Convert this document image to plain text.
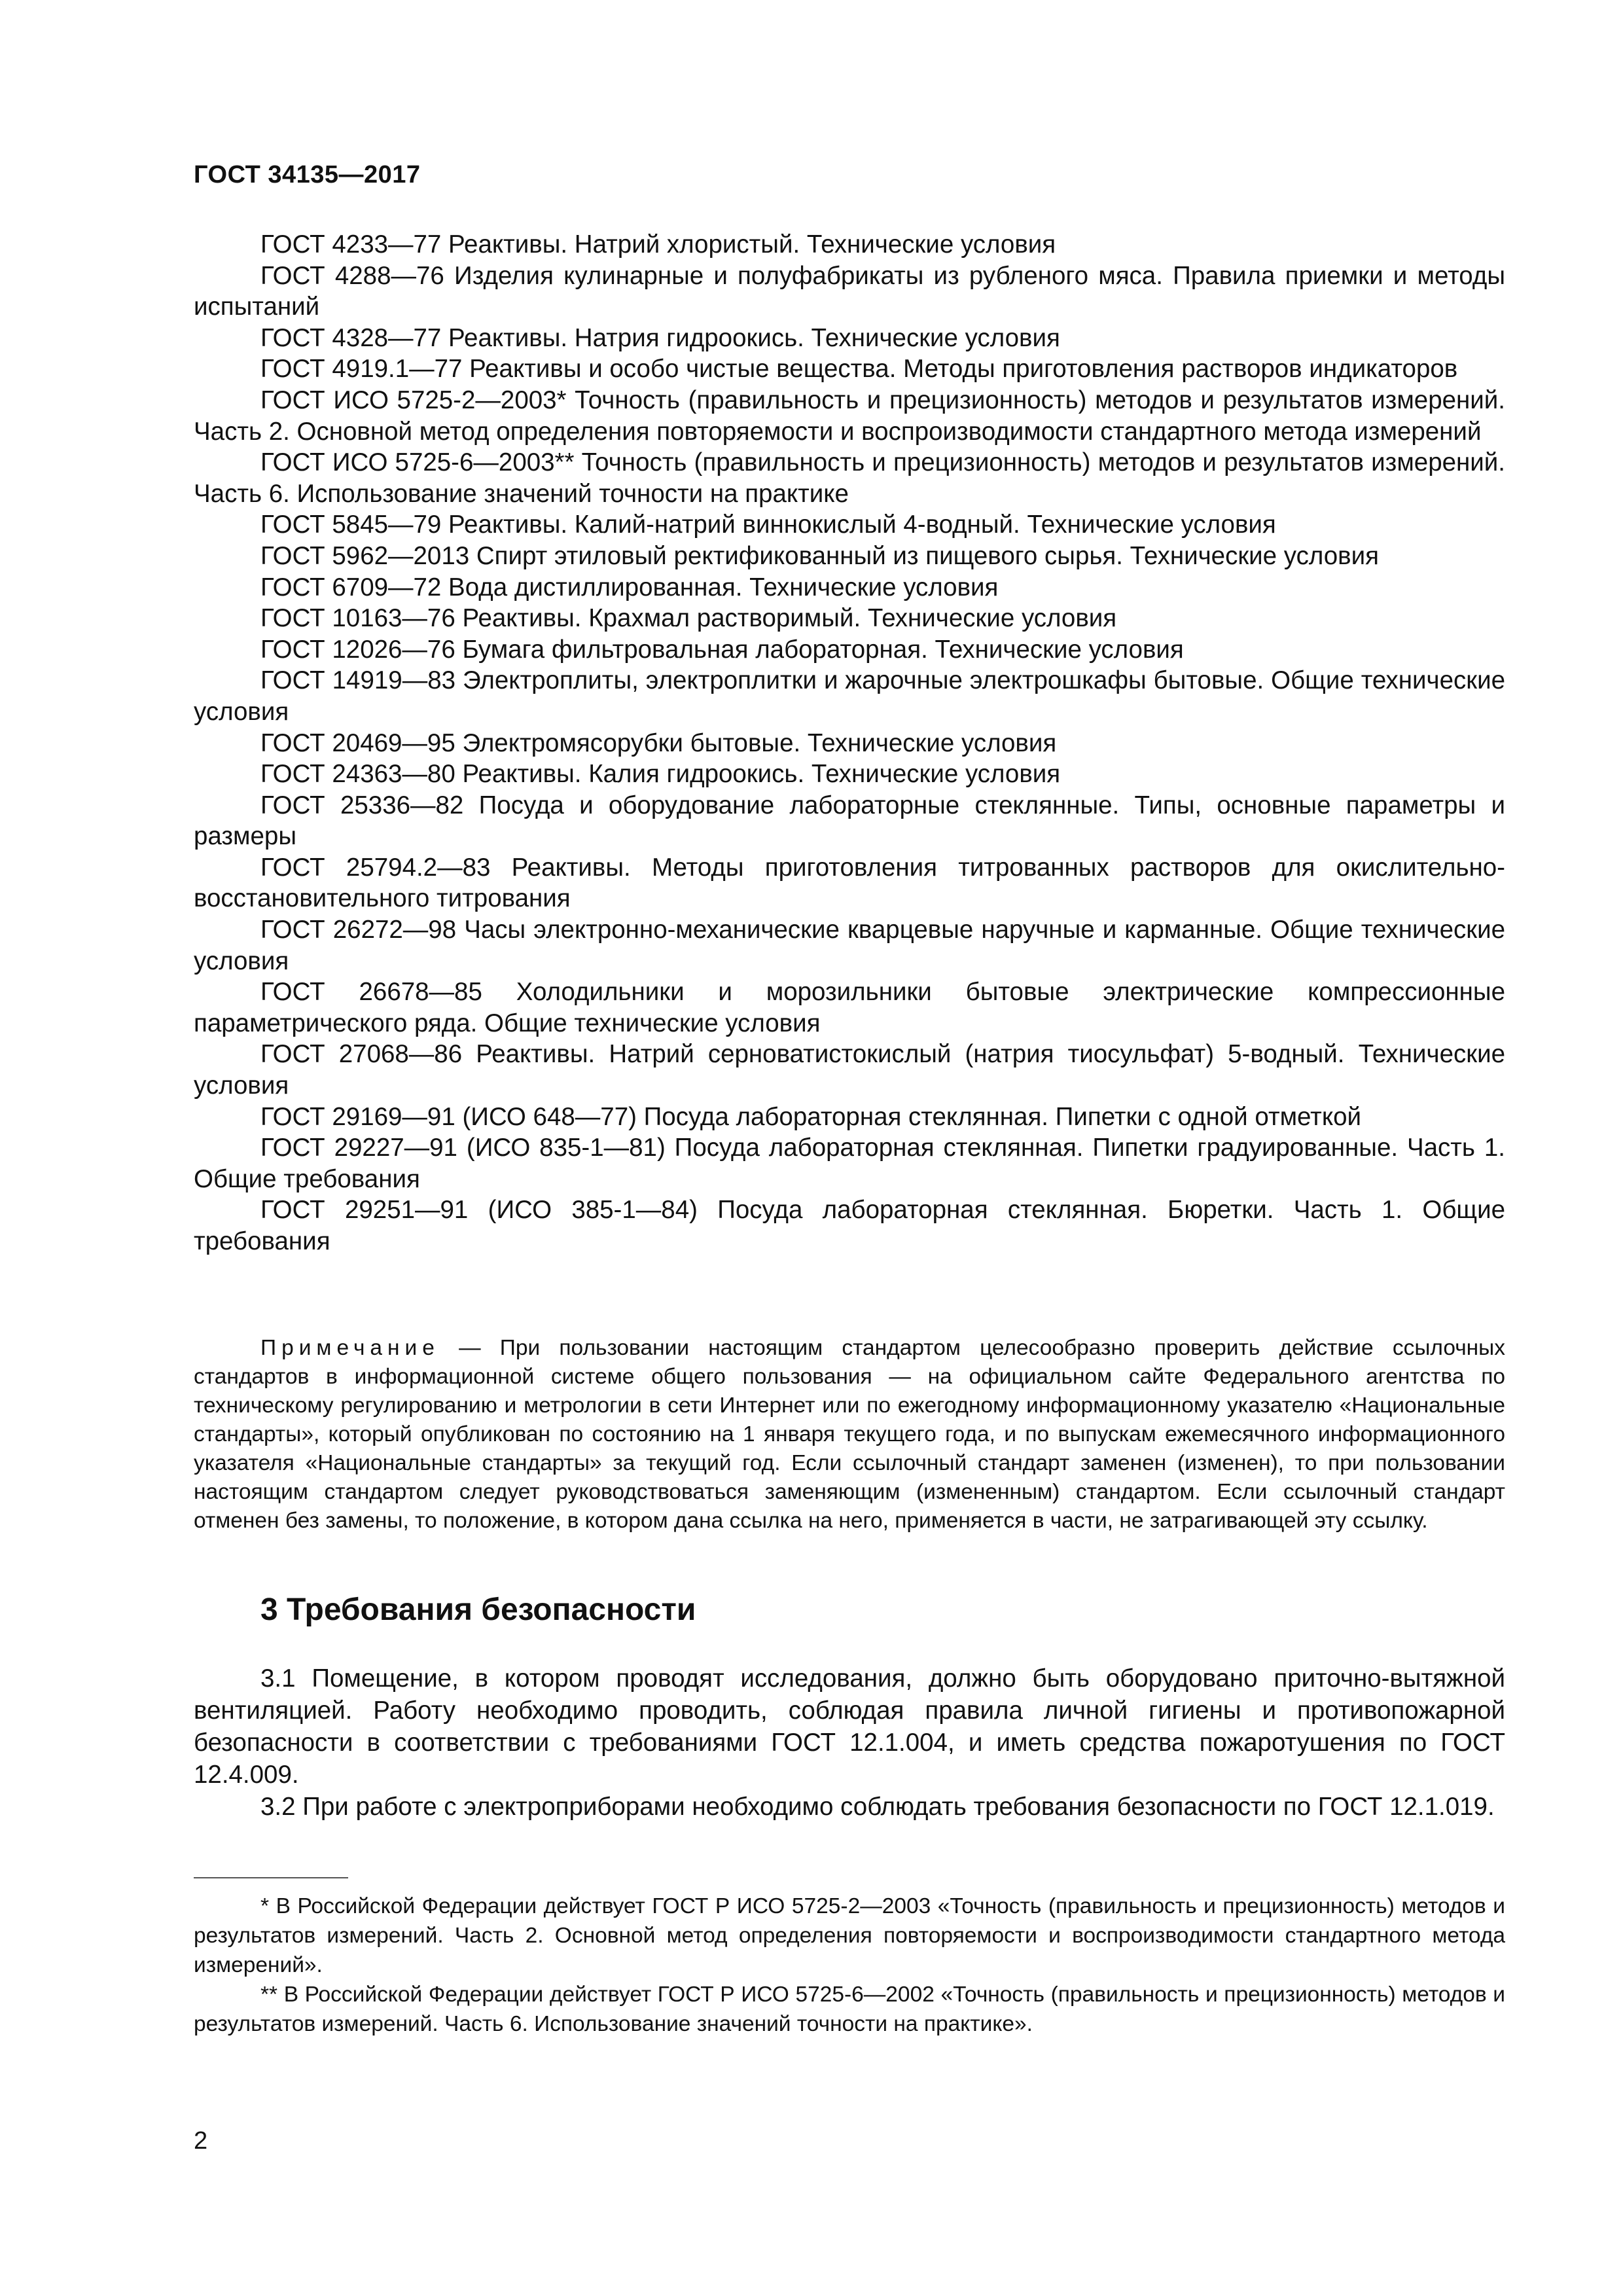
ГОСТ 34135—2017

ГОСТ 4233—77 Реактивы. Натрий хлористый. Технические условия

ГОСТ 4288—76 Изделия кулинарные и полуфабрикаты из рубленого мяса. Правила приемки и методы испытаний

ГОСТ 4328—77 Реактивы. Натрия гидроокись. Технические условия

ГОСТ 4919.1—77 Реактивы и особо чистые вещества. Методы приготовления растворов индикаторов

ГОСТ ИСО 5725-2—2003* Точность (правильность и прецизионность) методов и результатов измерений. Часть 2. Основной метод определения повторяемости и воспроизводимости стандартного метода измерений

ГОСТ ИСО 5725-6—2003** Точность (правильность и прецизионность) методов и результатов измерений. Часть 6. Использование значений точности на практике

ГОСТ 5845—79 Реактивы. Калий-натрий виннокислый 4-водный. Технические условия

ГОСТ 5962—2013 Спирт этиловый ректификованный из пищевого сырья. Технические условия

ГОСТ 6709—72 Вода дистиллированная. Технические условия

ГОСТ 10163—76 Реактивы. Крахмал растворимый. Технические условия

ГОСТ 12026—76 Бумага фильтровальная лабораторная. Технические условия

ГОСТ 14919—83 Электроплиты, электроплитки и жарочные электрошкафы бытовые. Общие технические условия

ГОСТ 20469—95 Электромясорубки бытовые. Технические условия

ГОСТ 24363—80 Реактивы. Калия гидроокись. Технические условия

ГОСТ 25336—82 Посуда и оборудование лабораторные стеклянные. Типы, основные параметры и размеры

ГОСТ 25794.2—83 Реактивы. Методы приготовления титрованных растворов для окислительно-восстановительного титрования

ГОСТ 26272—98 Часы электронно-механические кварцевые наручные и карманные. Общие технические условия

ГОСТ 26678—85 Холодильники и морозильники бытовые электрические компрессионные параметрического ряда. Общие технические условия

ГОСТ 27068—86 Реактивы. Натрий серноватистокислый (натрия тиосульфат) 5-водный. Технические условия

ГОСТ 29169—91 (ИСО 648—77) Посуда лабораторная стеклянная. Пипетки с одной отметкой

ГОСТ 29227—91 (ИСО 835-1—81) Посуда лабораторная стеклянная. Пипетки градуированные. Часть 1. Общие требования

ГОСТ 29251—91 (ИСО 385-1—84) Посуда лабораторная стеклянная. Бюретки. Часть 1. Общие требования

Примечание — При пользовании настоящим стандартом целесообразно проверить действие ссылочных стандартов в информационной системе общего пользования — на официальном сайте Федерального агентства по техническому регулированию и метрологии в сети Интернет или по ежегодному информационному указателю «Национальные стандарты», который опубликован по состоянию на 1 января текущего года, и по выпускам ежемесячного информационного указателя «Национальные стандарты» за текущий год. Если ссылочный стандарт заменен (изменен), то при пользовании настоящим стандартом следует руководствоваться заменяющим (измененным) стандартом. Если ссылочный стандарт отменен без замены, то положение, в котором дана ссылка на него, применяется в части, не затрагивающей эту ссылку.
3 Требования безопасности

3.1 Помещение, в котором проводят исследования, должно быть оборудовано приточно-вытяжной вентиляцией. Работу необходимо проводить, соблюдая правила личной гигиены и противопожарной безопасности в соответствии с требованиями ГОСТ 12.1.004, и иметь средства пожаротушения по ГОСТ 12.4.009.

3.2 При работе с электроприборами необходимо соблюдать требования безопасности по ГОСТ 12.1.019.

* В Российской Федерации действует ГОСТ Р ИСО 5725-2—2003 «Точность (правильность и прецизионность) методов и результатов измерений. Часть 2. Основной метод определения повторяемости и воспроизводимости стандартного метода измерений».

** В Российской Федерации действует ГОСТ Р ИСО 5725-6—2002 «Точность (правильность и прецизионность) методов и результатов измерений. Часть 6. Использование значений точности на практике».

2
